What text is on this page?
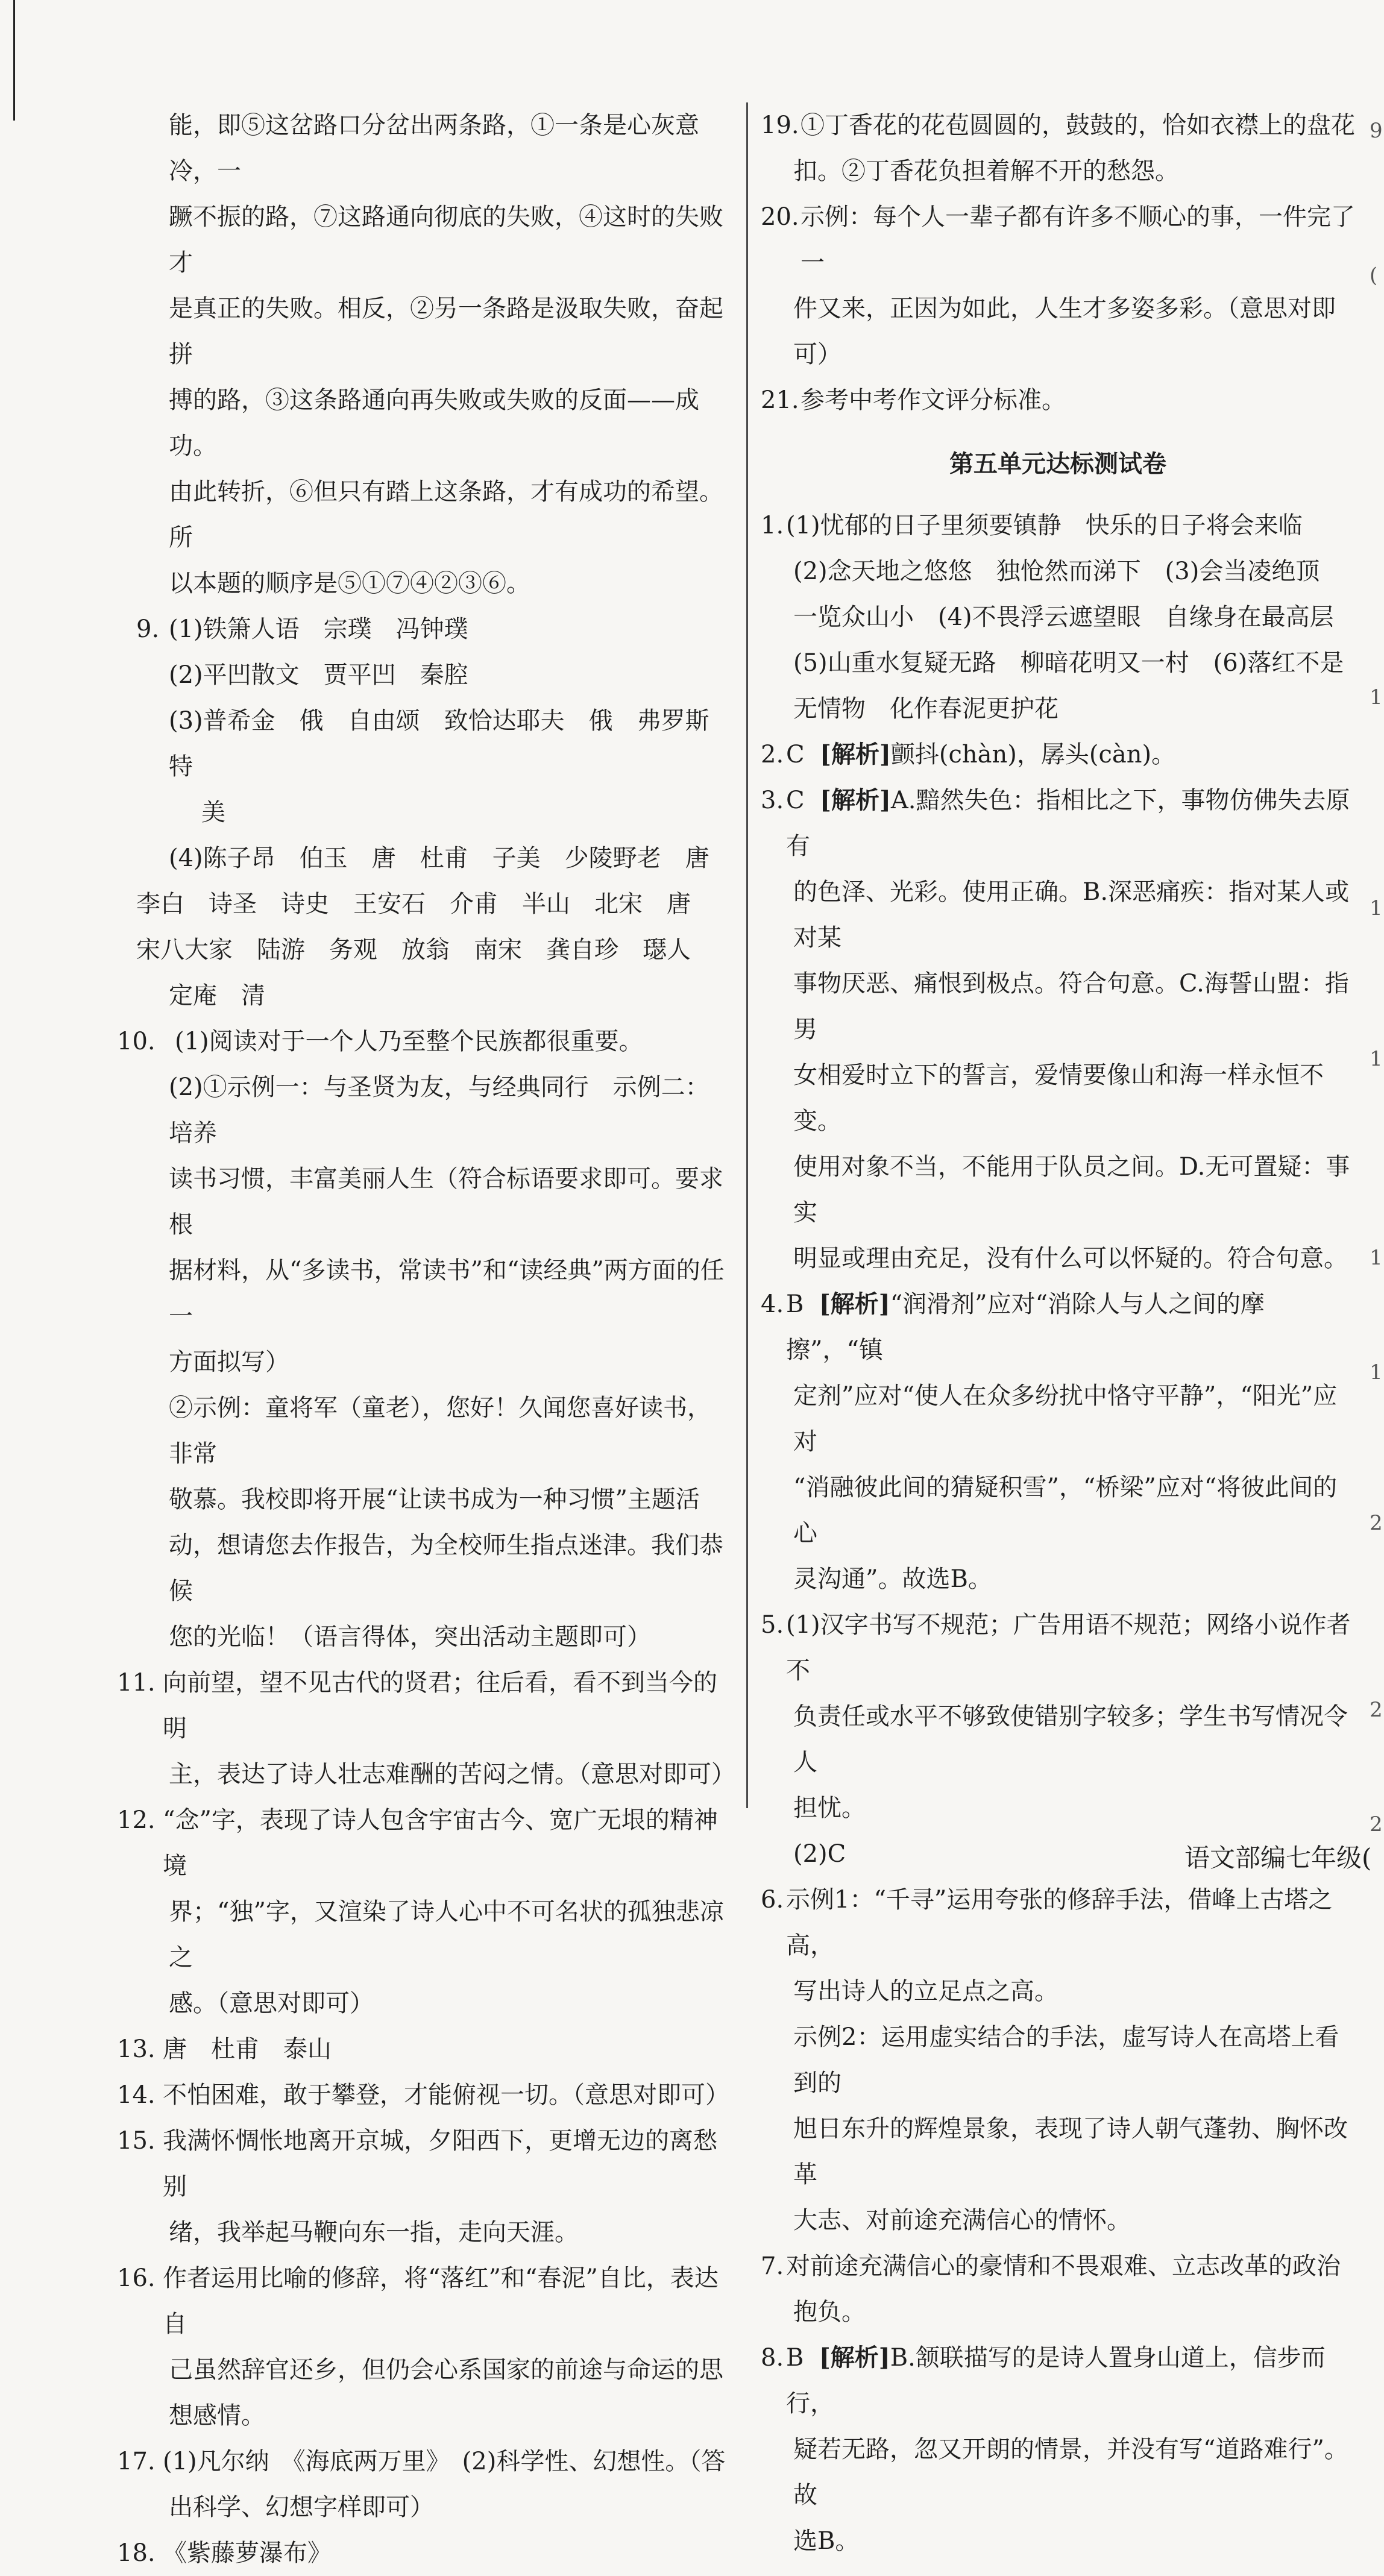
能，即⑤这岔路口分岔出两条路，①一条是心灰意冷，一
蹶不振的路，⑦这路通向彻底的失败，④这时的失败才
是真正的失败。相反，②另一条路是汲取失败，奋起拼
搏的路，③这条路通向再失败或失败的反面——成功。
由此转折，⑥但只有踏上这条路，才有成功的希望。所
以本题的顺序是⑤①⑦④②③⑥。
9. (1)铁箫人语　宗璞　冯钟璞
(2)平凹散文　贾平凹　秦腔
(3)普希金　俄　自由颂　致恰达耶夫　俄　弗罗斯特
美
(4)陈子昂　伯玉　唐　杜甫　子美　少陵野老　唐
李白　诗圣　诗史　王安石　介甫　半山　北宋　唐
宋八大家　陆游　务观　放翁　南宋　龚自珍　璱人
定庵　清
10. (1)阅读对于一个人乃至整个民族都很重要。
(2)①示例一：与圣贤为友，与经典同行　示例二：培养
读书习惯，丰富美丽人生（符合标语要求即可。要求根
据材料，从“多读书，常读书”和“读经典”两方面的任一
方面拟写）
②示例：童将军（童老），您好！久闻您喜好读书，非常
敬慕。我校即将开展“让读书成为一种习惯”主题活
动，想请您去作报告，为全校师生指点迷津。我们恭候
您的光临！（语言得体，突出活动主题即可）
11. 向前望，望不见古代的贤君；往后看，看不到当今的明
主，表达了诗人壮志难酬的苦闷之情。（意思对即可）
12. “念”字，表现了诗人包含宇宙古今、宽广无垠的精神境
界；“独”字，又渲染了诗人心中不可名状的孤独悲凉之
感。（意思对即可）
13. 唐　杜甫　泰山
14. 不怕困难，敢于攀登，才能俯视一切。（意思对即可）
15. 我满怀惆怅地离开京城，夕阳西下，更增无边的离愁别
绪，我举起马鞭向东一指，走向天涯。
16. 作者运用比喻的修辞，将“落红”和“春泥”自比，表达自
己虽然辞官还乡，但仍会心系国家的前途与命运的思
想感情。
17. (1)凡尔纳　《海底两万里》　(2)科学性、幻想性。（答
出科学、幻想字样即可）
18. 《紫藤萝瀑布》
19. ①丁香花的花苞圆圆的，鼓鼓的，恰如衣襟上的盘花
扣。②丁香花负担着解不开的愁怨。
20. 示例：每个人一辈子都有许多不顺心的事，一件完了一
件又来，正因为如此，人生才多姿多彩。（意思对即可）
21. 参考中考作文评分标准。
第五单元达标测试卷
1. (1)忧郁的日子里须要镇静　快乐的日子将会来临
(2)念天地之悠悠　独怆然而涕下　(3)会当凌绝顶
一览众山小　(4)不畏浮云遮望眼　自缘身在最高层
(5)山重水复疑无路　柳暗花明又一村　(6)落红不是
无情物　化作春泥更护花
2. C [解析]颤抖(chàn)，孱头(càn)。
3. C [解析]A.黯然失色：指相比之下，事物仿佛失去原有
的色泽、光彩。使用正确。B.深恶痛疾：指对某人或对某
事物厌恶、痛恨到极点。符合句意。C.海誓山盟：指男
女相爱时立下的誓言，爱情要像山和海一样永恒不变。
使用对象不当，不能用于队员之间。D.无可置疑：事实
明显或理由充足，没有什么可以怀疑的。符合句意。
4. B [解析]“润滑剂”应对“消除人与人之间的摩擦”，“镇
定剂”应对“使人在众多纷扰中恪守平静”，“阳光”应对
“消融彼此间的猜疑积雪”，“桥梁”应对“将彼此间的心
灵沟通”。故选B。
5. (1)汉字书写不规范；广告用语不规范；网络小说作者不
负责任或水平不够致使错别字较多；学生书写情况令人
担忧。
(2)C
6. 示例1：“千寻”运用夸张的修辞手法，借峰上古塔之高，
写出诗人的立足点之高。
示例2：运用虚实结合的手法，虚写诗人在高塔上看到的
旭日东升的辉煌景象，表现了诗人朝气蓬勃、胸怀改革
大志、对前途充满信心的情怀。
7. 对前途充满信心的豪情和不畏艰难、立志改革的政治
抱负。
8. B [解析]B.颔联描写的是诗人置身山道上，信步而行，
疑若无路，忽又开朗的情景，并没有写“道路难行”。故
选B。
语文部编七年级(
9
(
1
1
1
1
1
2
2
2
